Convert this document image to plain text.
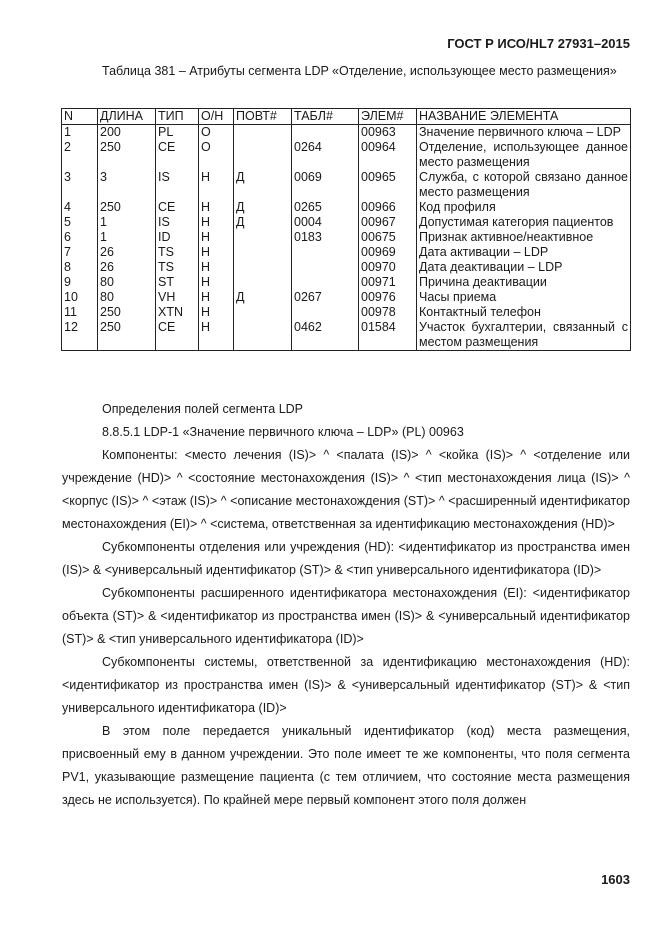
ГОСТ Р ИСО/HL7 27931–2015
Таблица 381 – Атрибуты сегмента LDP «Отделение, использующее место размещения»
N	ДЛИНА	ТИП	О/Н	ПОВТ#	ТАБЛ#	ЭЛЕМ#	НАЗВАНИЕ ЭЛЕМЕНТА
1	200	PL	О			00963	Значение первичного ключа – LDP
2	250	CE	О		0264	00964	Отделение, использующее данное место размещения
3	3	IS	Н	Д	0069	00965	Служба, с которой связано данное место размещения
4	250	CE	Н	Д	0265	00966	Код профиля
5	1	IS	Н	Д	0004	00967	Допустимая категория пациентов
6	1	ID	Н		0183	00675	Признак активное/неактивное
7	26	TS	Н			00969	Дата активации – LDP
8	26	TS	Н			00970	Дата деактивации – LDP
9	80	ST	Н			00971	Причина деактивации
10	80	VH	Н	Д	0267	00976	Часы приема
11	250	XTN	Н			00978	Контактный телефон
12	250	CE	Н		0462	01584	Участок бухгалтерии, связанный с местом размещения

Определения полей сегмента LDP

8.8.5.1 LDP-1 «Значение первичного ключа – LDP» (PL) 00963

Компоненты: <место лечения (IS)> ^ <палата (IS)> ^ <койка (IS)> ^ <отделение или учреждение (HD)> ^ <состояние местонахождения (IS)> ^ <тип местонахождения лица (IS)> ^ <корпус (IS)> ^ <этаж (IS)> ^ <описание местонахождения (ST)> ^ <расширенный идентификатор местонахождения (EI)> ^ <система, ответственная за идентификацию местонахождения (HD)>

Субкомпоненты отделения или учреждения (HD): <идентификатор из пространства имен (IS)> & <универсальный идентификатор (ST)> & <тип универсального идентификатора (ID)>

Субкомпоненты расширенного идентификатора местонахождения (EI): <идентификатор объекта (ST)> & <идентификатор из пространства имен (IS)> & <универсальный идентификатор (ST)> & <тип универсального идентификатора (ID)>

Субкомпоненты системы, ответственной за идентификацию местонахождения (HD): <идентификатор из пространства имен (IS)> & <универсальный идентификатор (ST)> & <тип универсального идентификатора (ID)>

В этом поле передается уникальный идентификатор (код) места размещения, присвоенный ему в данном учреждении. Это поле имеет те же компоненты, что поля сегмента PV1, указывающие размещение пациента (с тем отличием, что состояние места размещения здесь не используется). По крайней мере первый компонент этого поля должен

1603
